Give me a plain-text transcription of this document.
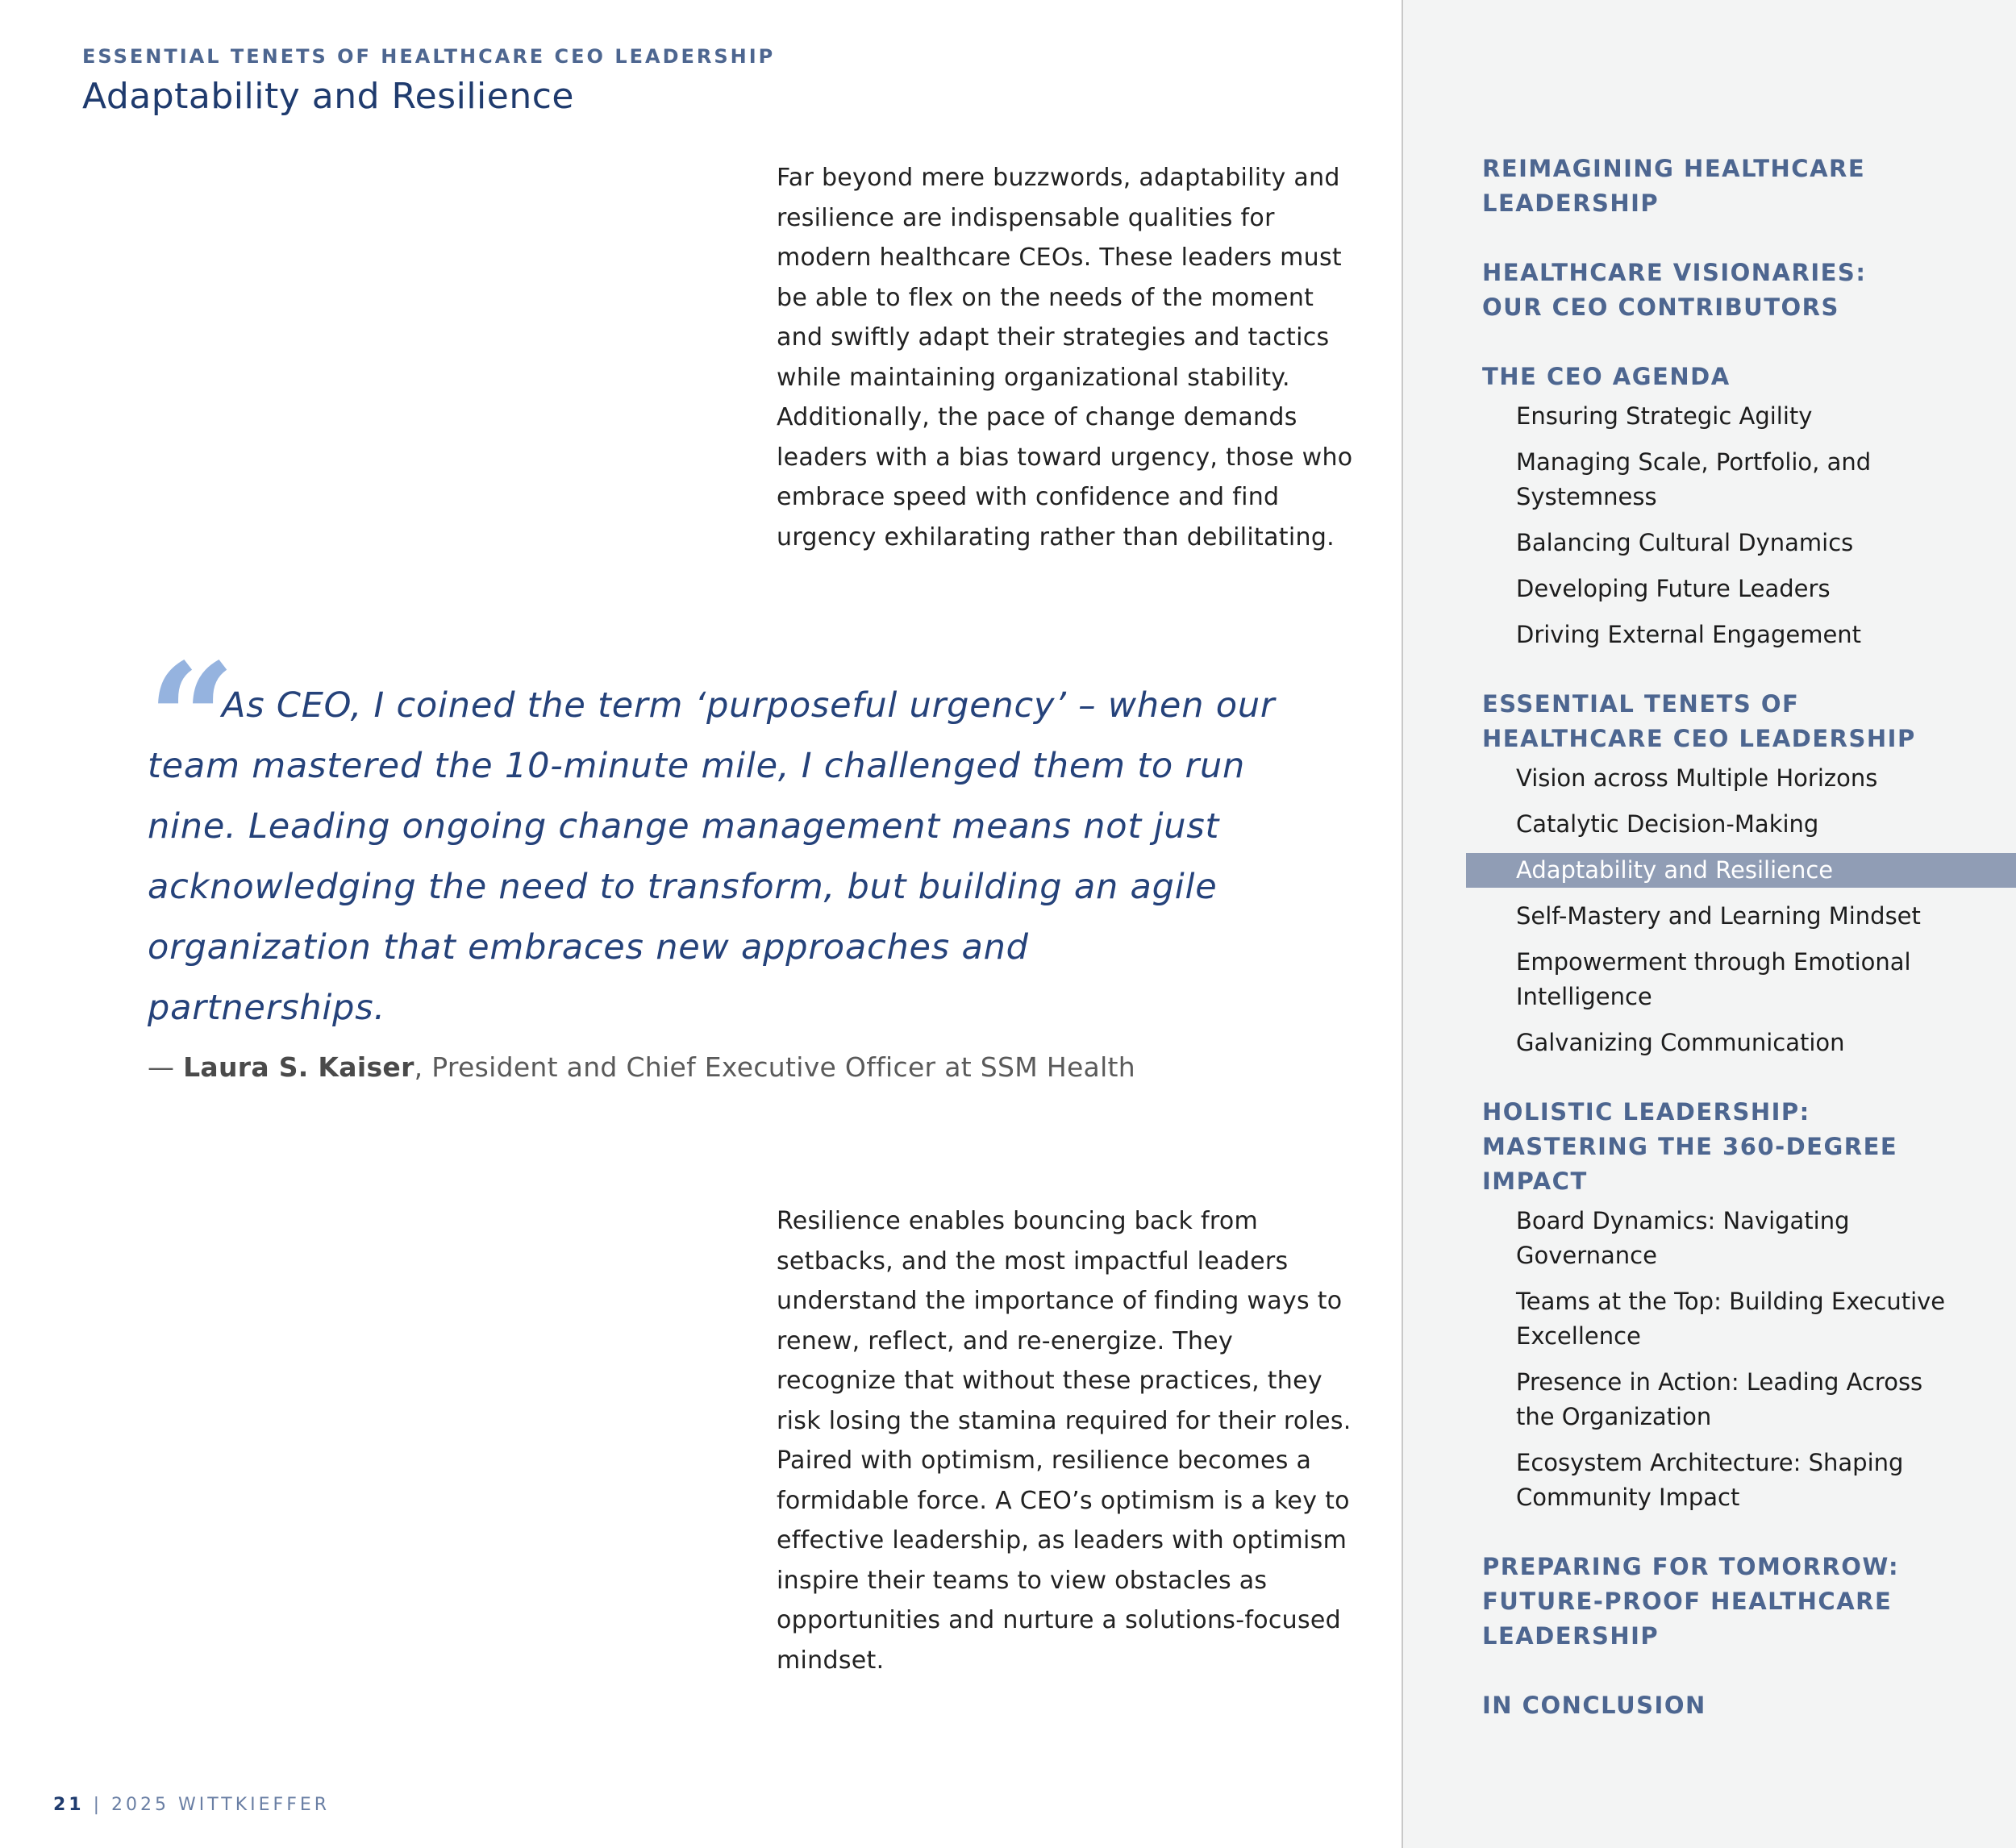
ESSENTIAL TENETS OF HEALTHCARE CEO LEADERSHIP
Adaptability and Resilience
Far beyond mere buzzwords, adaptability and resilience are indispensable qualities for modern healthcare CEOs. These leaders must be able to flex on the needs of the moment and swiftly adapt their strategies and tactics while maintaining organizational stability. Additionally, the pace of change demands leaders with a bias toward urgency, those who embrace speed with confidence and find urgency exhilarating rather than debilitating.
“

As CEO, I coined the term ‘purposeful urgency’ – when our team mastered the 10-minute mile, I challenged them to run nine. Leading ongoing change management means not just acknowledging the need to transform, but building an agile organization that embraces new approaches and partnerships.

— Laura S. Kaiser, President and Chief Executive Officer at SSM Health
Resilience enables bouncing back from setbacks, and the most impactful leaders understand the importance of finding ways to renew, reflect, and re-energize. They recognize that without these practices, they risk losing the stamina required for their roles. Paired with optimism, resilience becomes a formidable force. A CEO’s optimism is a key to effective leadership, as leaders with optimism inspire their teams to view obstacles as opportunities and nurture a solutions-focused mindset.
21 | 2025 WITTKIEFFER
REIMAGINING HEALTHCARE LEADERSHIP
HEALTHCARE VISIONARIES: OUR CEO CONTRIBUTORS
THE CEO AGENDA
Ensuring Strategic Agility
Managing Scale, Portfolio, and Systemness
Balancing Cultural Dynamics
Developing Future Leaders
Driving External Engagement
ESSENTIAL TENETS OF HEALTHCARE CEO LEADERSHIP
Vision across Multiple Horizons
Catalytic Decision-Making
Adaptability and Resilience
Self-Mastery and Learning Mindset
Empowerment through Emotional Intelligence
Galvanizing Communication
HOLISTIC LEADERSHIP: MASTERING THE 360-DEGREE IMPACT
Board Dynamics: Navigating Governance
Teams at the Top: Building Executive Excellence
Presence in Action: Leading Across the Organization
Ecosystem Architecture: Shaping Community Impact
PREPARING FOR TOMORROW: FUTURE-PROOF HEALTHCARE LEADERSHIP
IN CONCLUSION
